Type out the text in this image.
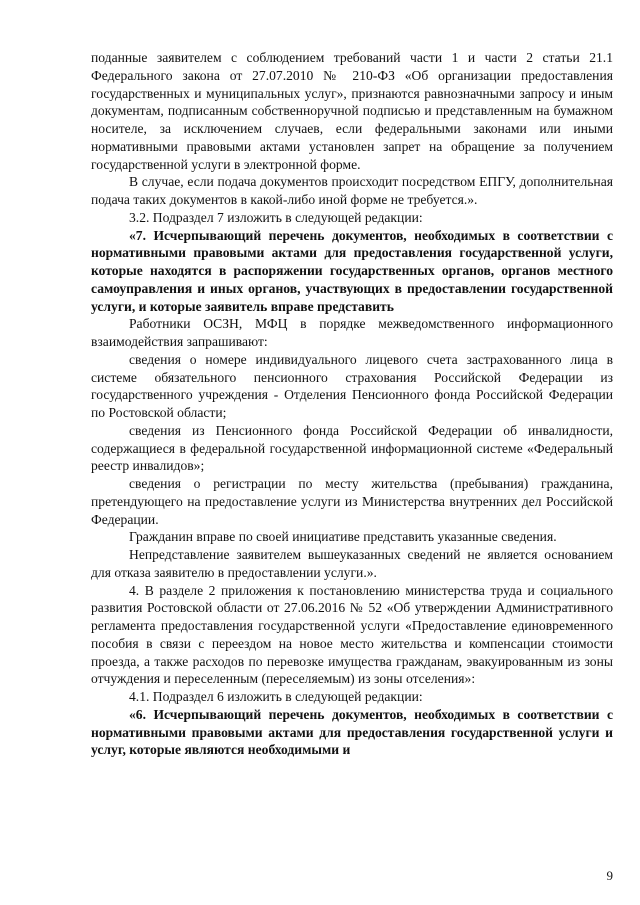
поданные заявителем с соблюдением требований части 1 и части 2 статьи 21.1 Федерального закона от 27.07.2010 № 210-ФЗ «Об организации предоставления государственных и муниципальных услуг», признаются равнозначными запросу и иным документам, подписанным собственноручной подписью и представленным на бумажном носителе, за исключением случаев, если федеральными законами или иными нормативными правовыми актами установлен запрет на обращение за получением государственной услуги в электронной форме.

В случае, если подача документов происходит посредством ЕПГУ, дополнительная подача таких документов в какой-либо иной форме не требуется.».

3.2. Подраздел 7 изложить в следующей редакции:

«7. Исчерпывающий перечень документов, необходимых в соответствии с нормативными правовыми актами для предоставления государственной услуги, которые находятся в распоряжении государственных органов, органов местного самоуправления и иных органов, участвующих в предоставлении государственной услуги, и которые заявитель вправе представить

Работники ОСЗН, МФЦ в порядке межведомственного информационного взаимодействия запрашивают:

сведения о номере индивидуального лицевого счета застрахованного лица в системе обязательного пенсионного страхования Российской Федерации из государственного учреждения - Отделения Пенсионного фонда Российской Федерации по Ростовской области;

сведения из Пенсионного фонда Российской Федерации об инвалидности, содержащиеся в федеральной государственной информационной системе «Федеральный реестр инвалидов»;

сведения о регистрации по месту жительства (пребывания) гражданина, претендующего на предоставление услуги из Министерства внутренних дел Российской Федерации.

Гражданин вправе по своей инициативе представить указанные сведения.

Непредставление заявителем вышеуказанных сведений не является основанием для отказа заявителю в предоставлении услуги.».

4. В разделе 2 приложения к постановлению министерства труда и социального развития Ростовской области от 27.06.2016 № 52 «Об утверждении Административного регламента предоставления государственной услуги «Предоставление единовременного пособия в связи с переездом на новое место жительства и компенсации стоимости проезда, а также расходов по перевозке имущества гражданам, эвакуированным из зоны отчуждения и переселенным (переселяемым) из зоны отселения»:

4.1. Подраздел 6 изложить в следующей редакции:

«6. Исчерпывающий перечень документов, необходимых в соответствии с нормативными правовыми актами для предоставления государственной услуги и услуг, которые являются необходимыми и

9
